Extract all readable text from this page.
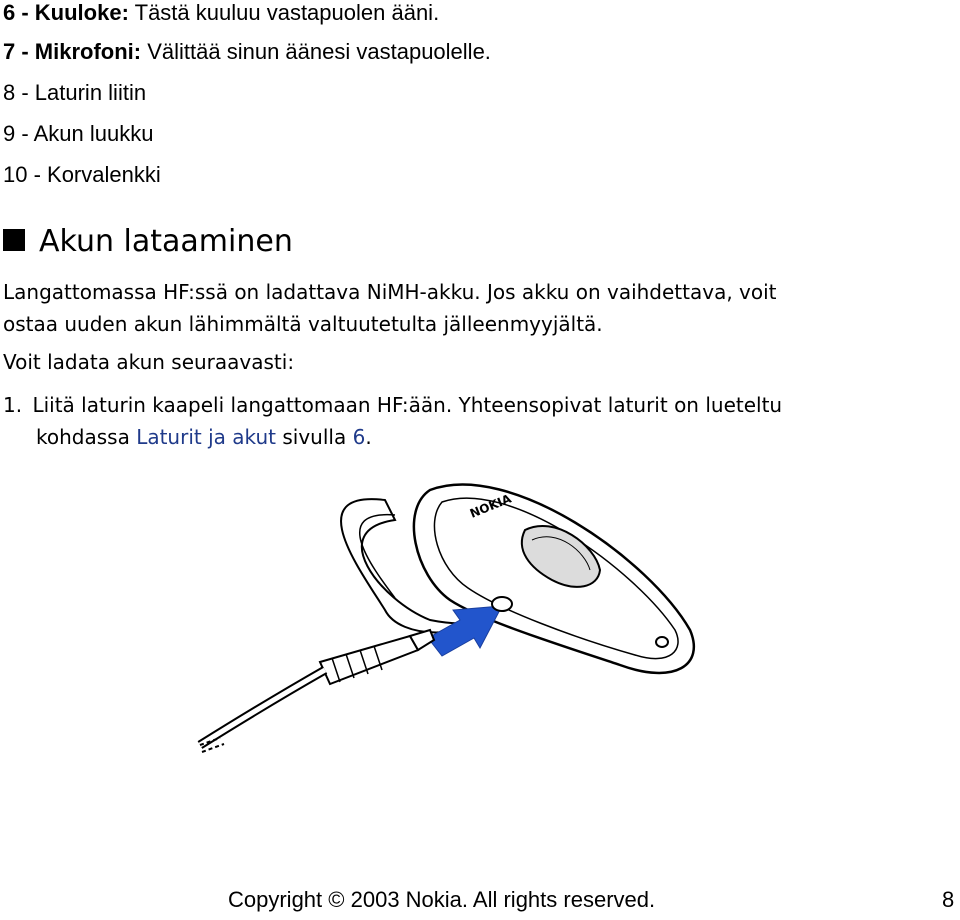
6 - Kuuloke: Tästä kuuluu vastapuolen ääni.
7 - Mikrofoni: Välittää sinun äänesi vastapuolelle.
8 - Laturin liitin
9 - Akun luukku
10 - Korvalenkki
Akun lataaminen
Langattomassa HF:ssä on ladattava NiMH-akku. Jos akku on vaihdettava, voit
ostaa uuden akun lähimmältä valtuutetulta jälleenmyyjältä.
Voit ladata akun seuraavasti:
1. Liitä laturin kaapeli langattomaan HF:ään. Yhteensopivat laturit on lueteltu
kohdassa Laturit ja akut sivulla 6.
NOKIA
Copyright © 2003 Nokia. All rights reserved.	8
